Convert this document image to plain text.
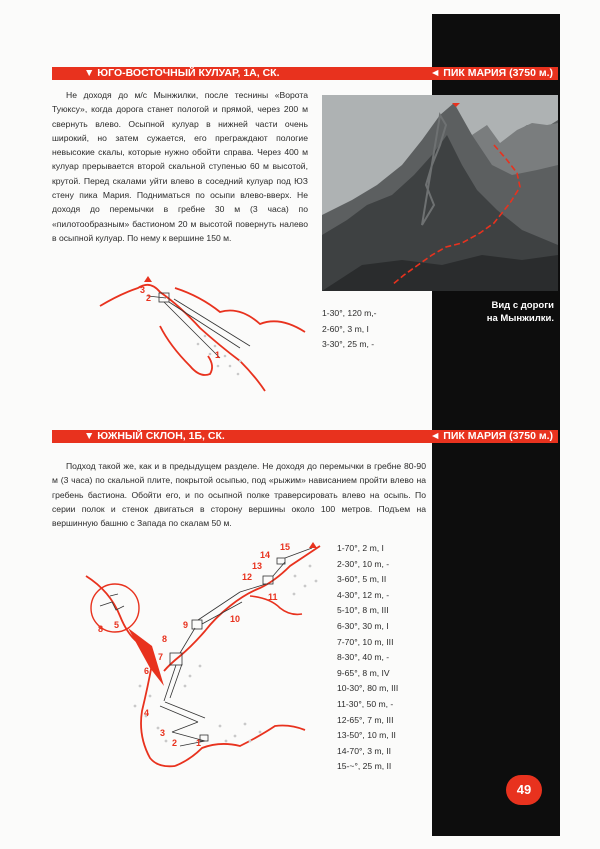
▼ ЮГО-ВОСТОЧНЫЙ КУЛУАР, 1А, СК.	◄ ПИК МАРИЯ (3750 м.)

Не доходя до м/с Мынжилки, после теснины «Ворота Туюксу», когда дорога станет пологой и прямой, через 200 м свернуть влево. Осыпной кулуар в нижней части очень широкий, но затем сужается, его преграждают пологие невысокие скалы, которые нужно обойти справа. Через 400 м кулуар прерывается второй скальной ступенью 60 м высотой, крутой. Перед скалами уйти влево в соседний кулуар под ЮЗ стену пика Мария. Подниматься по осыпи влево-вверх. Не доходя до перемычки в гребне 30 м (3 часа) по «пилотообразным» бастионом 20 м высотой повернуть налево в осыпной кулуар. По нему к вершине 150 м.

Вид с дороги
на Мынжилки.
3
2
1
1-30°, 120 m,-
2-60°, 3 m, I
3-30°, 25 m, -
▼ ЮЖНЫЙ СКЛОН, 1Б, СК.	◄ ПИК МАРИЯ (3750 м.)

Подход такой же, как и в предыдущем разделе. Не доходя до перемычки в гребне 80-90 м (3 часа) по скальной плите, покрытой осыпью, под «рыжим» нависанием пройти влево на гребень бастиона. Обойти его, и по осыпной полке траверсировать влево на осыпь. По серии полок и стенок двигаться в сторону вершины около 100 метров. Подъем на вершинную башню с Запада по скалам 50 м.

15
14
13
12
11
10
9
8
7
6
5
8
4
3
2 1
1-70°, 2 m, I
2-30°, 10 m, -
3-60°, 5 m, II
4-30°, 12 m, -
5-10°, 8 m, III
6-30°, 30 m, I
7-70°, 10 m, III
8-30°, 40 m, -
9-65°, 8 m, IV
10-30°, 80 m, III
11-30°, 50 m, -
12-65°, 7 m, III
13-50°, 10 m, II
14-70°, 3 m, II
15-~°, 25 m, II
49
